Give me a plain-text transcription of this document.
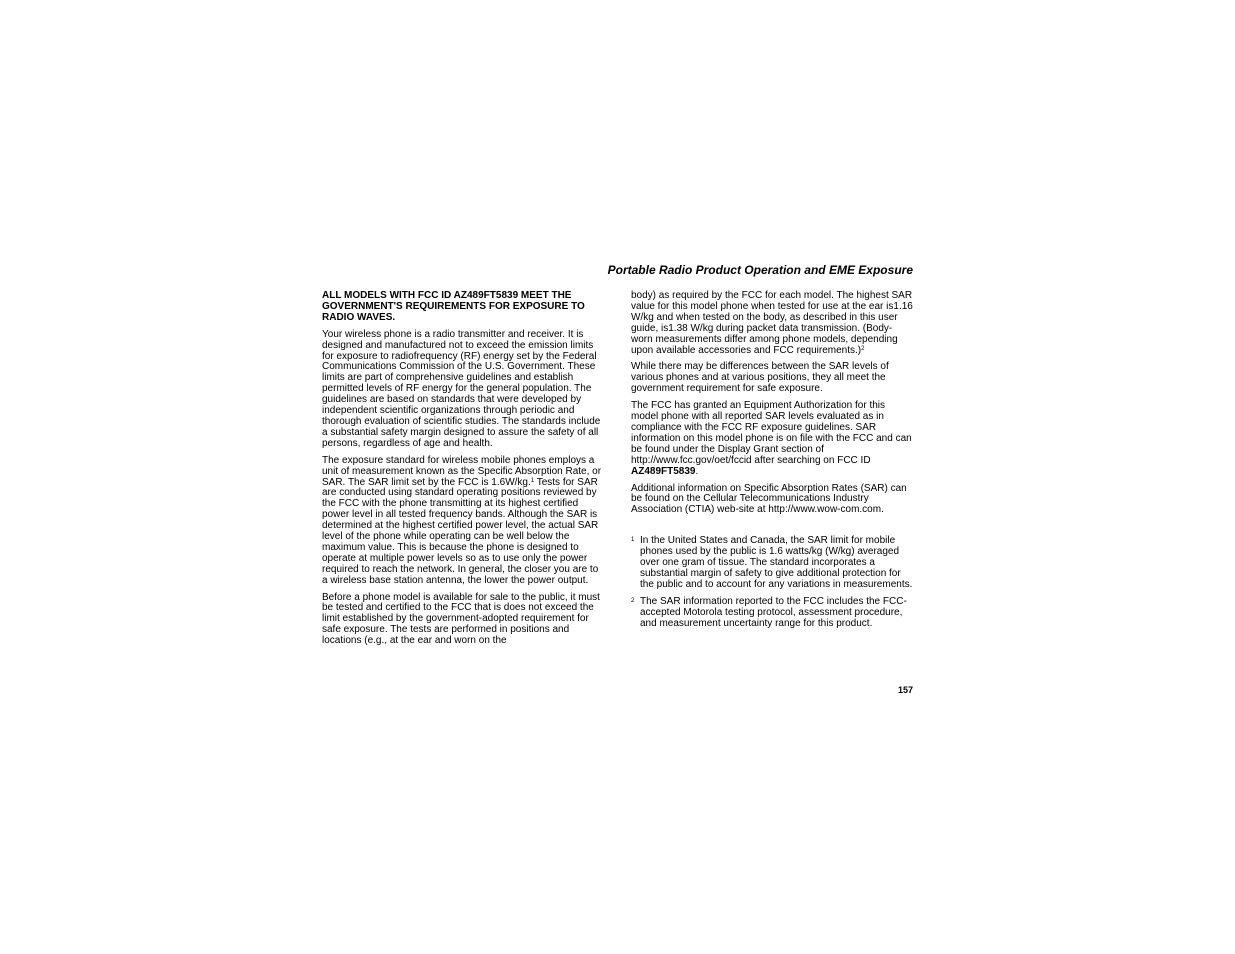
Portable Radio Product Operation and EME Exposure

ALL MODELS WITH FCC ID AZ489FT5839 MEET THE GOVERNMENT'S REQUIREMENTS FOR EXPOSURE TO RADIO WAVES.

Your wireless phone is a radio transmitter and receiver. It is designed and manufactured not to exceed the emission limits for exposure to radiofrequency (RF) energy set by the Federal Communications Commission of the U.S. Government. These limits are part of comprehensive guidelines and establish permitted levels of RF energy for the general population. The guidelines are based on standards that were developed by independent scientific organizations through periodic and thorough evaluation of scientific studies. The standards include a substantial safety margin designed to assure the safety of all persons, regardless of age and health.

The exposure standard for wireless mobile phones employs a unit of measurement known as the Specific Absorption Rate, or SAR. The SAR limit set by the FCC is 1.6W/kg.$^1$ Tests for SAR are conducted using standard operating positions reviewed by the FCC with the phone transmitting at its highest certified power level in all tested frequency bands. Although the SAR is determined at the highest certified power level, the actual SAR level of the phone while operating can be well below the maximum value. This is because the phone is designed to operate at multiple power levels so as to use only the power required to reach the network. In general, the closer you are to a wireless base station antenna, the lower the power output.

Before a phone model is available for sale to the public, it must be tested and certified to the FCC that is does not exceed the limit established by the government-adopted requirement for safe exposure. The tests are performed in positions and locations (e.g., at the ear and worn on the

body) as required by the FCC for each model. The highest SAR value for this model phone when tested for use at the ear is1.16 W/kg and when tested on the body, as described in this user guide, is1.38 W/kg during packet data transmission. (Body-worn measurements differ among phone models, depending upon available accessories and FCC requirements.)$^2$

While there may be differences between the SAR levels of various phones and at various positions, they all meet the government requirement for safe exposure.

The FCC has granted an Equipment Authorization for this model phone with all reported SAR levels evaluated as in compliance with the FCC RF exposure guidelines. SAR information on this model phone is on file with the FCC and can be found under the Display Grant section of http://www.fcc.gov/oet/fccid after searching on FCC ID AZ489FT5839.

Additional information on Specific Absorption Rates (SAR) can be found on the Cellular Telecommunications Industry Association (CTIA) web-site at http://www.wow-com.com.

1 In the United States and Canada, the SAR limit for mobile phones used by the public is 1.6 watts/kg (W/kg) averaged over one gram of tissue. The standard incorporates a substantial margin of safety to give additional protection for the public and to account for any variations in measurements.

2 The SAR information reported to the FCC includes the FCC-accepted Motorola testing protocol, assessment procedure, and measurement uncertainty range for this product.

157
